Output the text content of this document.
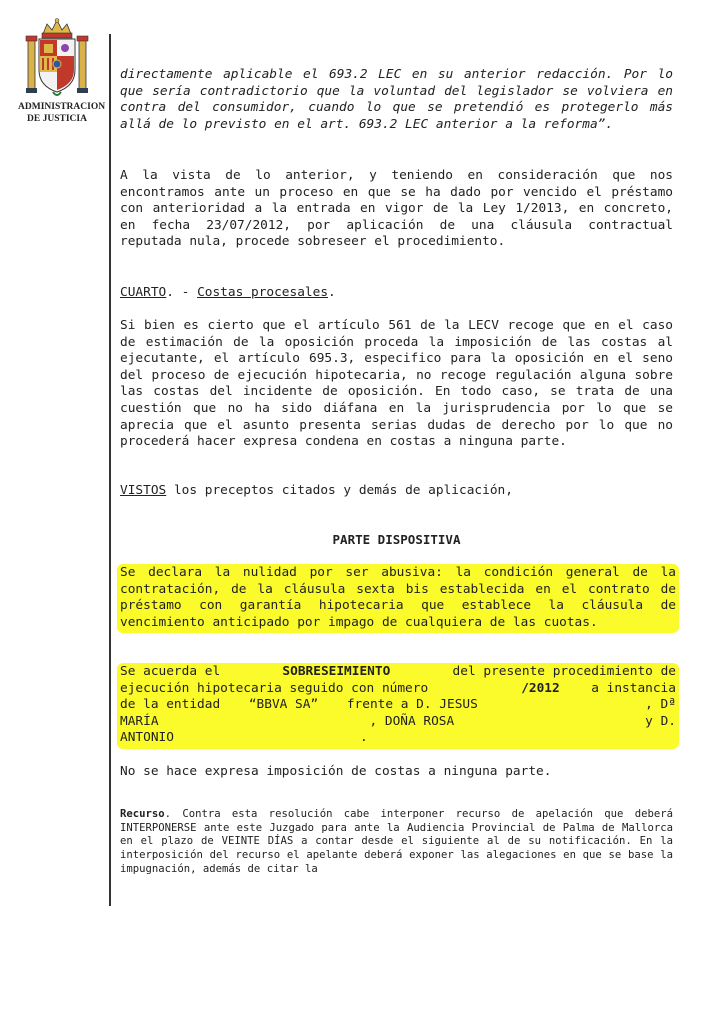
ADMINISTRACION
DE JUSTICIA

directamente aplicable el 693.2 LEC en su anterior redacción. Por lo que sería contradictorio que la voluntad del legislador se volviera en contra del consumidor, cuando lo que se pretendió es protegerlo más allá de lo previsto en el art. 693.2 LEC anterior a la reforma”.

A la vista de lo anterior, y teniendo en consideración que nos encontramos ante un proceso en que se ha dado por vencido el préstamo con anterioridad a la entrada en vigor de la Ley 1/2013, en concreto, en fecha 23/07/2012, por aplicación de una cláusula contractual reputada nula, procede sobreseer el procedimiento.

CUARTO. - Costas procesales.

Si bien es cierto que el artículo 561 de la LECV recoge que en el caso de estimación de la oposición proceda la imposición de las costas al ejecutante, el artículo 695.3, especifico para la oposición en el seno del proceso de ejecución hipotecaria, no recoge regulación alguna sobre las costas del incidente de oposición. En todo caso, se trata de una cuestión que no ha sido diáfana en la jurisprudencia por lo que se aprecia que el asunto presenta serias dudas de derecho por lo que no procederá hacer expresa condena en costas a ninguna parte.

VISTOS los preceptos citados y demás de aplicación,

PARTE DISPOSITIVA

Se declara la nulidad por ser abusiva: la condición general de la contratación, de la cláusula sexta bis establecida en el contrato de préstamo con garantía hipotecaria que establece la cláusula de vencimiento anticipado por impago de cualquiera de las cuotas.

Se acuerda el	SOBRESEIMIENTO	del presente procedimiento de
ejecución hipotecaria seguido con número	/2012 a instancia
de la entidad “BBVA SA” frente a D. JESUS	, Dª
MARÍA	, DOÑA ROSA	y D.
ANTONIO	.

No se hace expresa imposición de costas a ninguna parte.

Recurso. Contra esta resolución cabe interponer recurso de apelación que deberá INTERPONERSE ante este Juzgado para ante la Audiencia Provincial de Palma de Mallorca en el plazo de VEINTE DÍAS a contar desde el siguiente al de su notificación. En la interposición del recurso el apelante deberá exponer las alegaciones en que se base la impugnación, además de citar la
